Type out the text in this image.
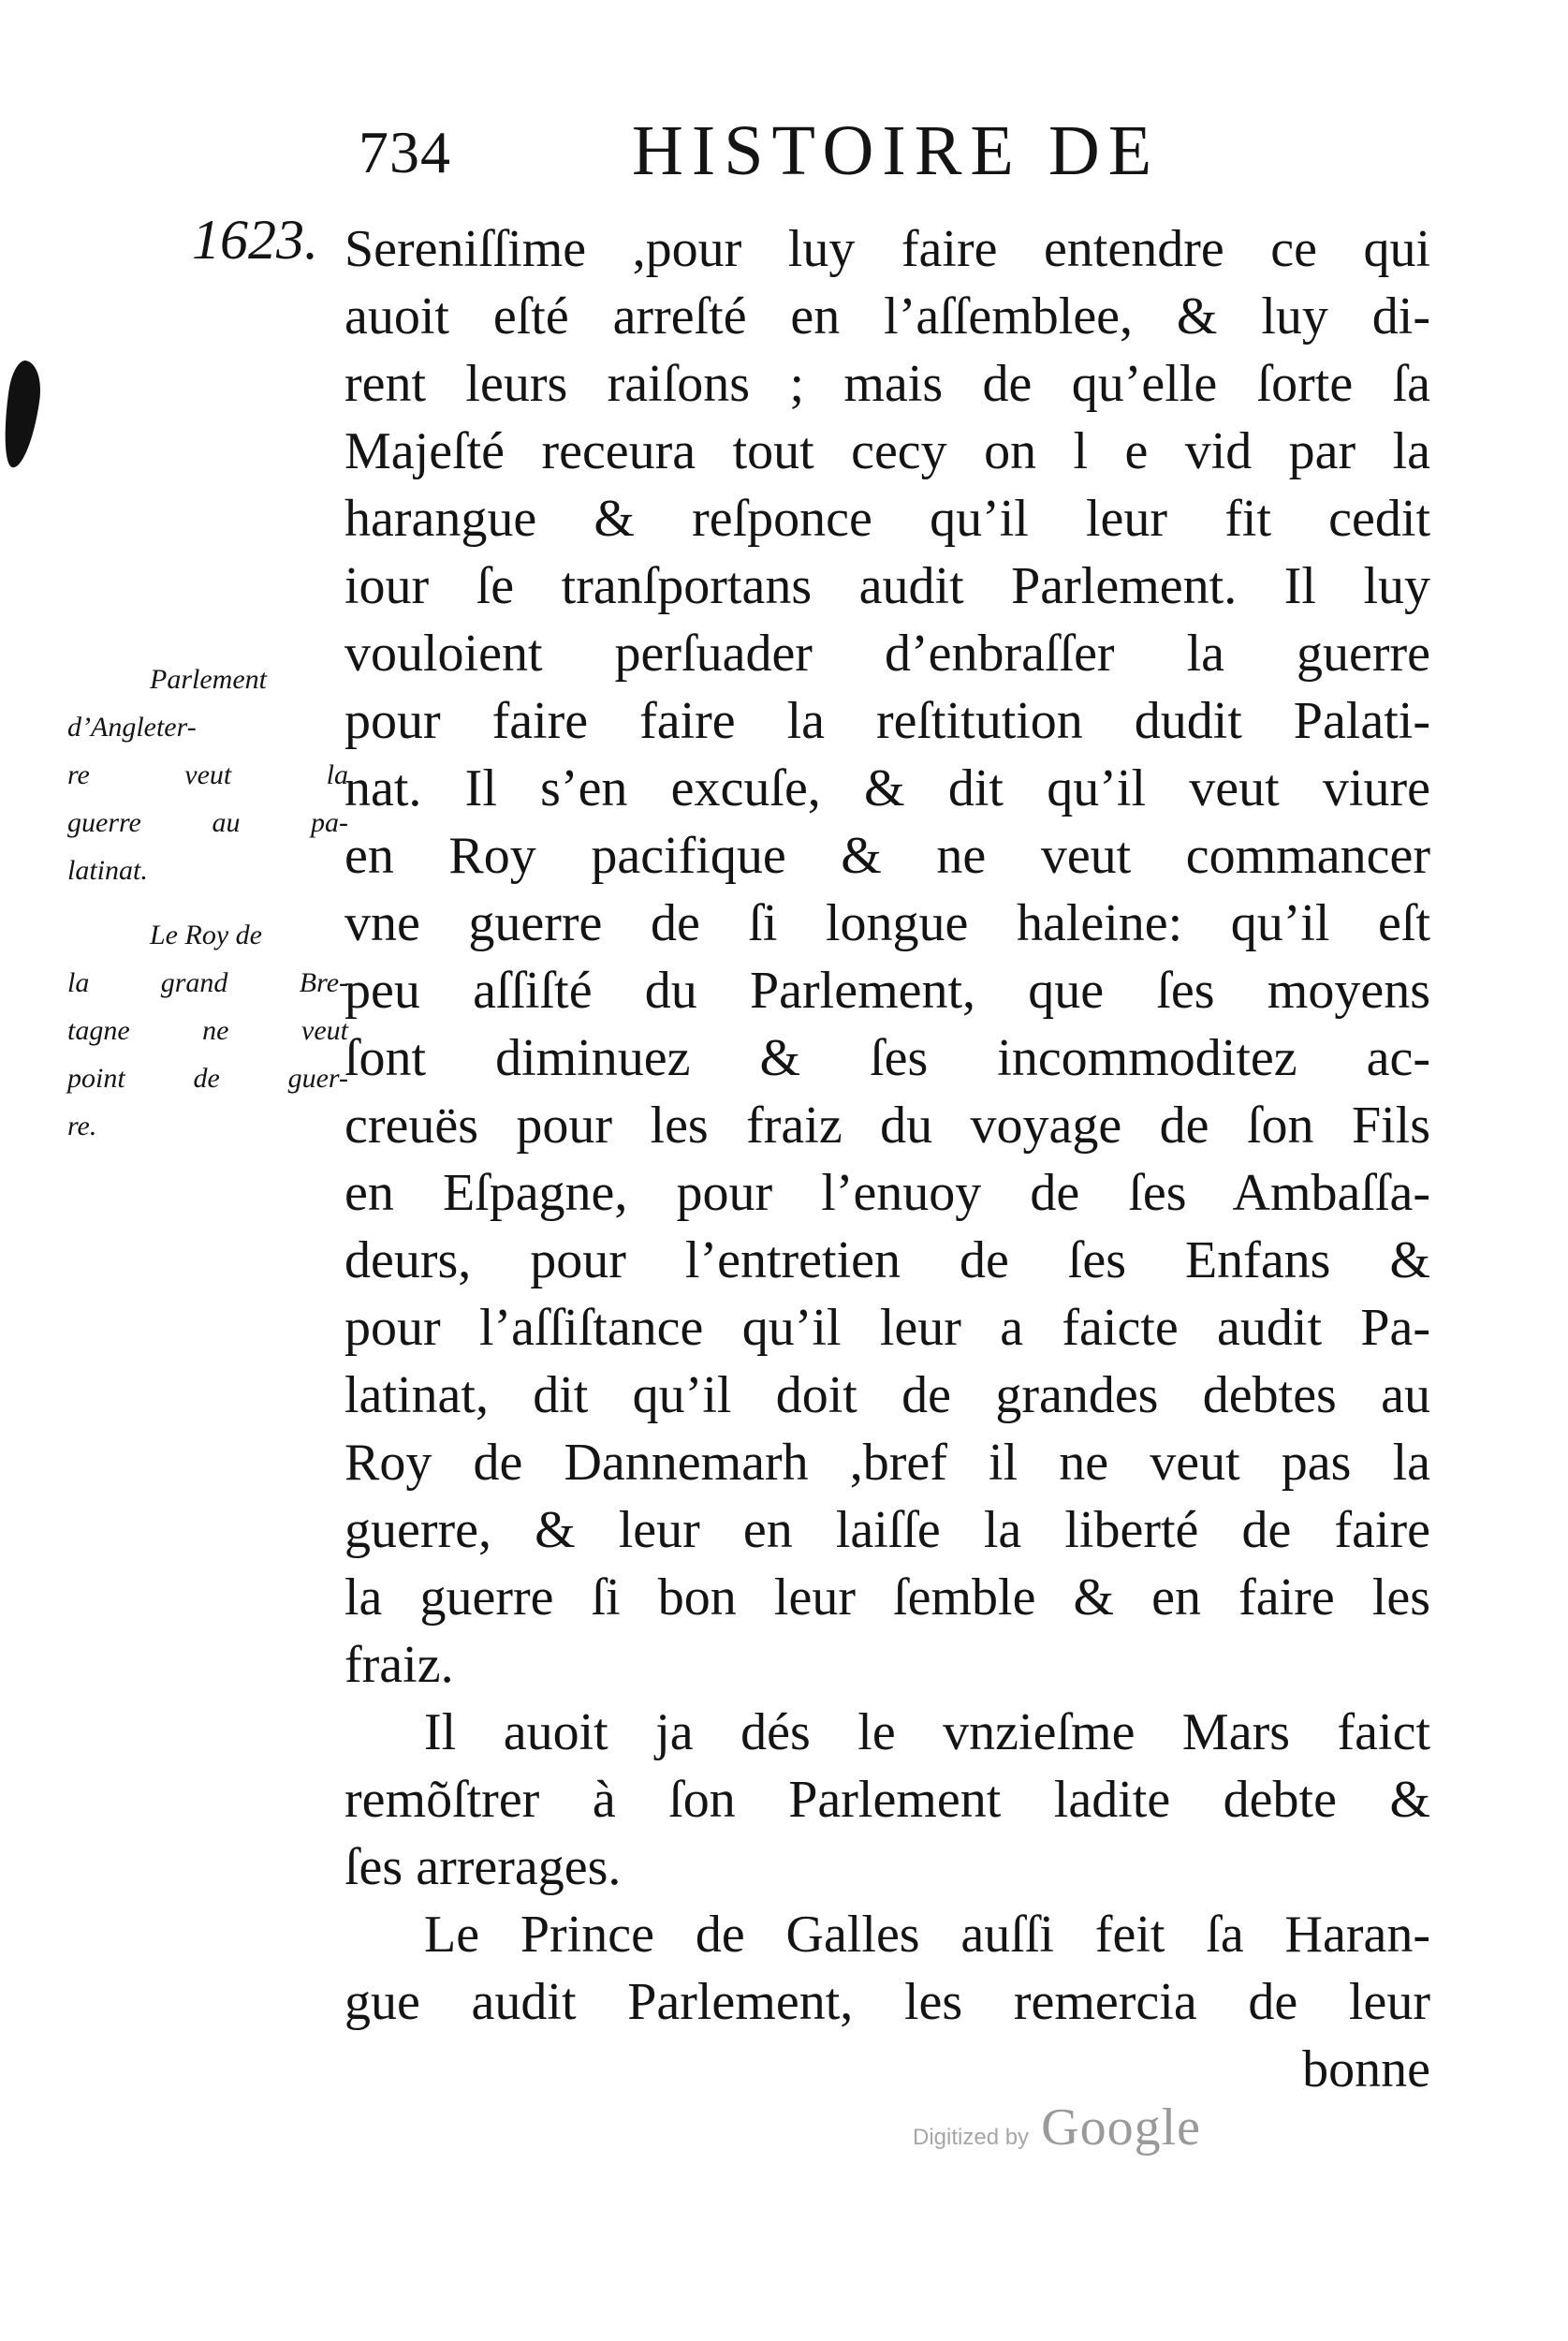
734	HISTOIRE DE
1623. Sereniſſime ,pour luy faire entendre ce qui
auoit eſté arreſté en l’aſſemblee, & luy di-
rent leurs raiſons ; mais de qu’elle ſorte ſa
Majeſté receura tout cecy on l e vid par la
harangue & reſponce qu’il leur fit cedit
iour ſe tranſportans audit Parlement. Il luy
vouloient perſuader d’enbraſſer la guerre
pour faire faire la reſtitution dudit Palati-
nat. Il s’en excuſe, & dit qu’il veut viure
en Roy pacifique & ne veut commancer
vne guerre de ſi longue haleine: qu’il eſt
peu aſſiſté du Parlement, que ſes moyens
ſont diminuez & ſes incommoditez ac-
creuës pour les fraiz du voyage de ſon Fils
en Eſpagne, pour l’enuoy de ſes Ambaſſa-
deurs, pour l’entretien de ſes Enfans &
pour l’aſſiſtance qu’il leur a faicte audit Pa-
latinat, dit qu’il doit de grandes debtes au
Roy de Dannemarh ,bref il ne veut pas la
guerre, & leur en laiſſe la liberté de faire
la guerre ſi bon leur ſemble & en faire les
fraiz.
Il auoit ja dés le vnzieſme Mars faict
remõſtrer à ſon Parlement ladite debte &
ſes arrerages.
Le Prince de Galles auſſi feit ſa Haran-
gue audit Parlement, les remercia de leur
bonne
Parlement
d’Angleter-
re veut la
guerre au pa-
latinat.
Le Roy de
la grand Bre-
tagne ne veut
point de guer-
re.
Digitized by Google
